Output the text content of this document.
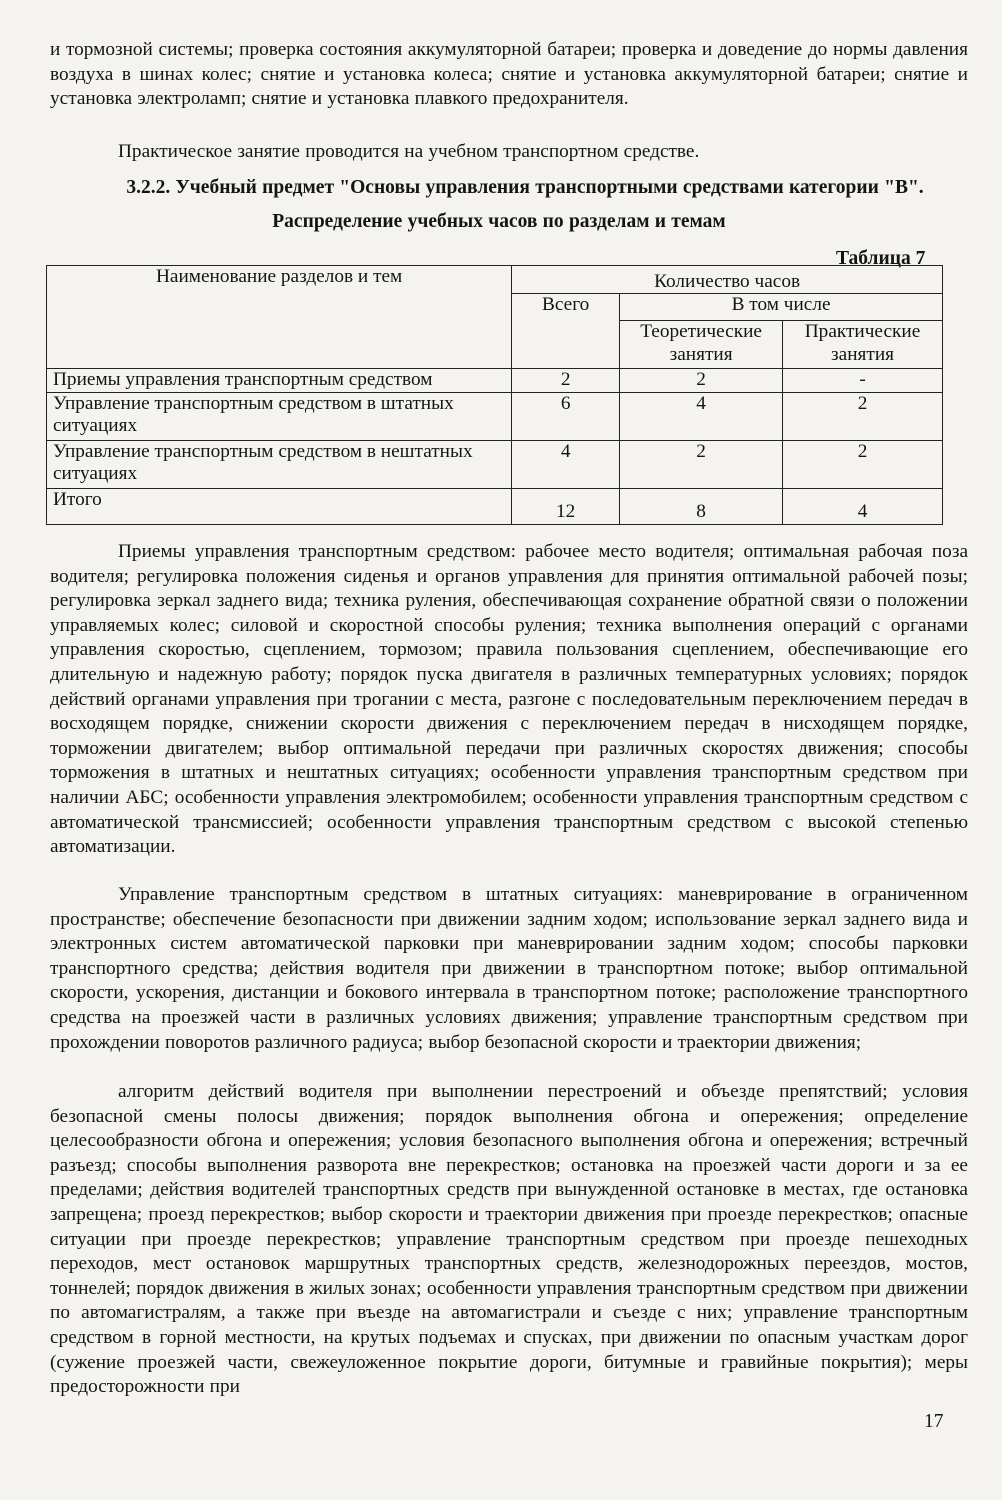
и тормозной системы; проверка состояния аккумуляторной батареи; проверка и доведение до нормы давления воздуха в шинах колес; снятие и установка колеса; снятие и установка аккумуляторной батареи; снятие и установка электроламп; снятие и установка плавкого предохранителя.

Практическое занятие проводится на учебном транспортном средстве.

3.2.2. Учебный предмет "Основы управления транспортными средствами категории "В".

Распределение учебных часов по разделам и темам

Таблица 7

Наименование разделов и тем	Количество часов		
	Всего	В том числе	
		Теоретические занятия	Практические занятия
Приемы управления транспортным средством	2	2	-
Управление транспортным средством в штатных ситуациях	6	4	2
Управление транспортным средством в нештатных ситуациях	4	2	2
Итого	12	8	4

Приемы управления транспортным средством: рабочее место водителя; оптимальная рабочая поза водителя; регулировка положения сиденья и органов управления для принятия оптимальной рабочей позы; регулировка зеркал заднего вида; техника руления, обеспечивающая сохранение обратной связи о положении управляемых колес; силовой и скоростной способы руления; техника выполнения операций с органами управления скоростью, сцеплением, тормозом; правила пользования сцеплением, обеспечивающие его длительную и надежную работу; порядок пуска двигателя в различных температурных условиях; порядок действий органами управления при трогании с места, разгоне с последовательным переключением передач в восходящем порядке, снижении скорости движения с переключением передач в нисходящем порядке, торможении двигателем; выбор оптимальной передачи при различных скоростях движения; способы торможения в штатных и нештатных ситуациях; особенности управления транспортным средством при наличии АБС; особенности управления электромобилем; особенности управления транспортным средством с автоматической трансмиссией; особенности управления транспортным средством с высокой степенью автоматизации.

Управление транспортным средством в штатных ситуациях: маневрирование в ограниченном пространстве; обеспечение безопасности при движении задним ходом; использование зеркал заднего вида и электронных систем автоматической парковки при маневрировании задним ходом; способы парковки транспортного средства; действия водителя при движении в транспортном потоке; выбор оптимальной скорости, ускорения, дистанции и бокового интервала в транспортном потоке; расположение транспортного средства на проезжей части в различных условиях движения; управление транспортным средством при прохождении поворотов различного радиуса; выбор безопасной скорости и траектории движения;

алгоритм действий водителя при выполнении перестроений и объезде препятствий; условия безопасной смены полосы движения; порядок выполнения обгона и опережения; определение целесообразности обгона и опережения; условия безопасного выполнения обгона и опережения; встречный разъезд; способы выполнения разворота вне перекрестков; остановка на проезжей части дороги и за ее пределами; действия водителей транспортных средств при вынужденной остановке в местах, где остановка запрещена; проезд перекрестков; выбор скорости и траектории движения при проезде перекрестков; опасные ситуации при проезде перекрестков; управление транспортным средством при проезде пешеходных переходов, мест остановок маршрутных транспортных средств, железнодорожных переездов, мостов, тоннелей; порядок движения в жилых зонах; особенности управления транспортным средством при движении по автомагистралям, а также при въезде на автомагистрали и съезде с них; управление транспортным средством в горной местности, на крутых подъемах и спусках, при движении по опасным участкам дорог (сужение проезжей части, свежеуложенное покрытие дороги, битумные и гравийные покрытия); меры предосторожности при

17
